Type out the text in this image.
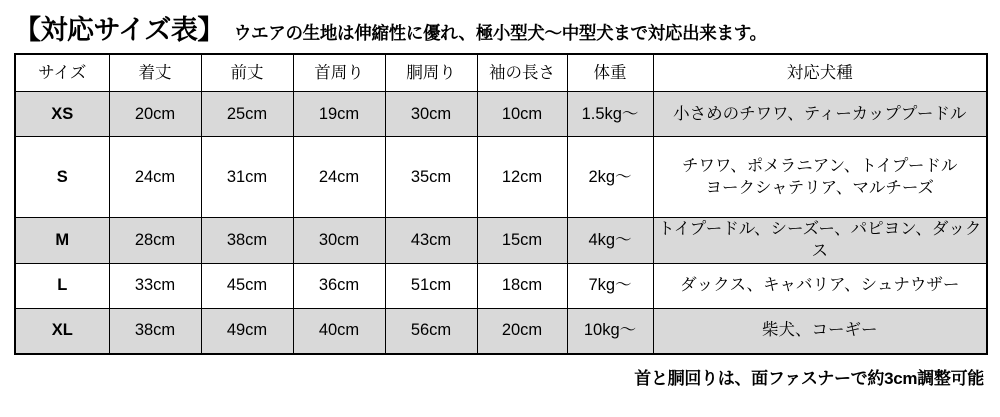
【対応サイズ表】 ウエアの生地は伸縮性に優れ、極小型犬〜中型犬まで対応出来ます。
サイズ	着丈	前丈	首周り	胴周り	袖の長さ	体重	対応犬種
XS	20cm	25cm	19cm	30cm	10cm	1.5kg〜	小さめのチワワ、ティーカッププードル

S	24cm	31cm	24cm	35cm	12cm	2kg〜	チワワ、ポメラニアン、トイプードル
ヨークシャテリア、マルチーズ

M	28cm	38cm	30cm	43cm	15cm	4kg〜	トイプードル、シーズー、パピヨン、ダックス

L	33cm	45cm	36cm	51cm	18cm	7kg〜	ダックス、キャバリア、シュナウザー

XL	38cm	49cm	40cm	56cm	20cm	10kg〜	柴犬、コーギー
首と胴回りは、面ファスナーで約3cm調整可能
